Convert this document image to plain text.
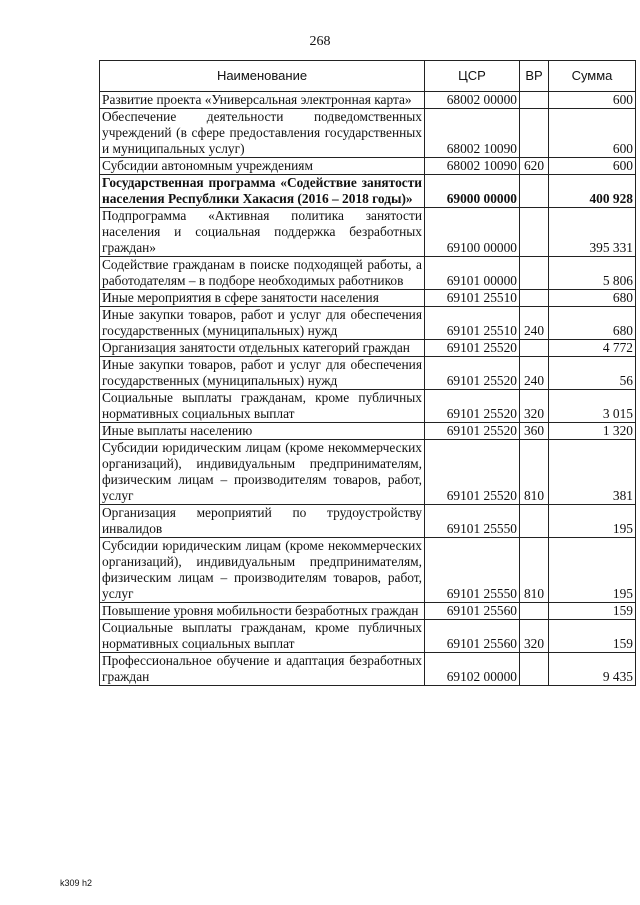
268
Наименование	ЦСР	ВР	Сумма
Развитие проекта «Универсальная электронная карта»	68002 00000		600
Обеспечение деятельности подведомственных учреждений (в сфере предоставления государственных и муниципальных услуг)	68002 10090		600
Субсидии автономным учреждениям	68002 10090	620	600
Государственная программа «Содействие занятости населения Республики Хакасия (2016 – 2018 годы)»	69000 00000		400 928
Подпрограмма «Активная политика занятости населения и социальная поддержка безработных граждан»	69100 00000		395 331
Содействие гражданам в поиске подходящей работы, а работодателям – в подборе необходимых работников	69101 00000		5 806
Иные мероприятия в сфере занятости населения	69101 25510		680
Иные закупки товаров, работ и услуг для обеспечения государственных (муниципальных) нужд	69101 25510	240	680
Организация занятости отдельных категорий граждан	69101 25520		4 772
Иные закупки товаров, работ и услуг для обеспечения государственных (муниципальных) нужд	69101 25520	240	56
Социальные выплаты гражданам, кроме публичных нормативных социальных выплат	69101 25520	320	3 015
Иные выплаты населению	69101 25520	360	1 320
Субсидии юридическим лицам (кроме некоммерческих организаций), индивидуальным предпринимателям, физическим лицам – производителям товаров, работ, услуг	69101 25520	810	381
Организация мероприятий по трудоустройству инвалидов	69101 25550		195
Субсидии юридическим лицам (кроме некоммерческих организаций), индивидуальным предпринимателям, физическим лицам – производителям товаров, работ, услуг	69101 25550	810	195
Повышение уровня мобильности безработных граждан	69101 25560		159
Социальные выплаты гражданам, кроме публичных нормативных социальных выплат	69101 25560	320	159
Профессиональное обучение и адаптация безработных граждан	69102 00000		9 435
k309 h2
